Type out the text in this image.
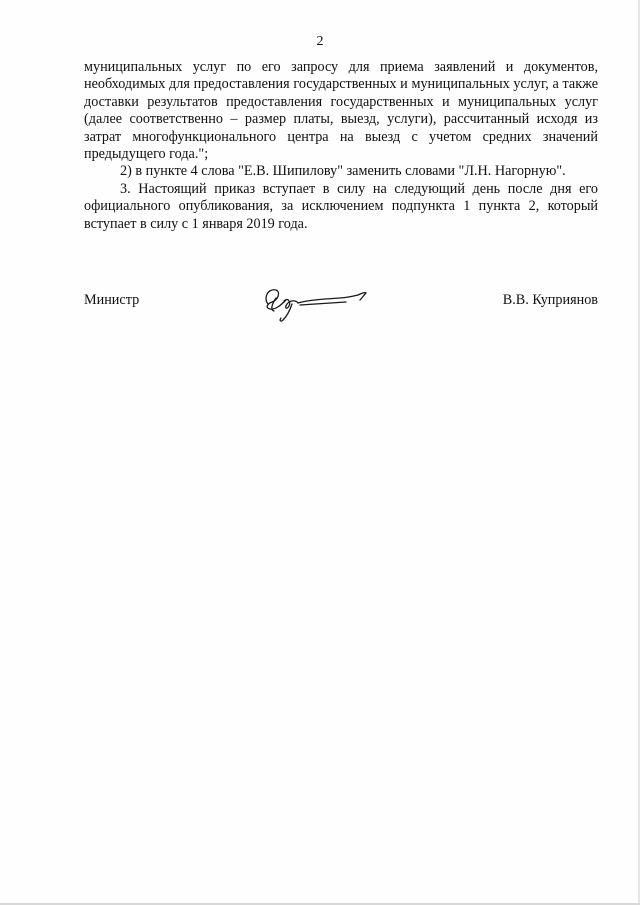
2

муниципальных услуг по его запросу для приема заявлений и документов, необходимых для предоставления государственных и муниципальных услуг, а также доставки результатов предоставления государственных и муниципальных услуг (далее соответственно – размер платы, выезд, услуги), рассчитанный исходя из затрат многофункционального центра на выезд с учетом средних значений предыдущего года.";

2) в пункте 4 слова "Е.В. Шипилову" заменить словами "Л.Н. Нагорную".

3. Настоящий приказ вступает в силу на следующий день после дня его официального опубликования, за исключением подпункта 1 пункта 2, который вступает в силу с 1 января 2019 года.

Министр	В.В. Куприянов
